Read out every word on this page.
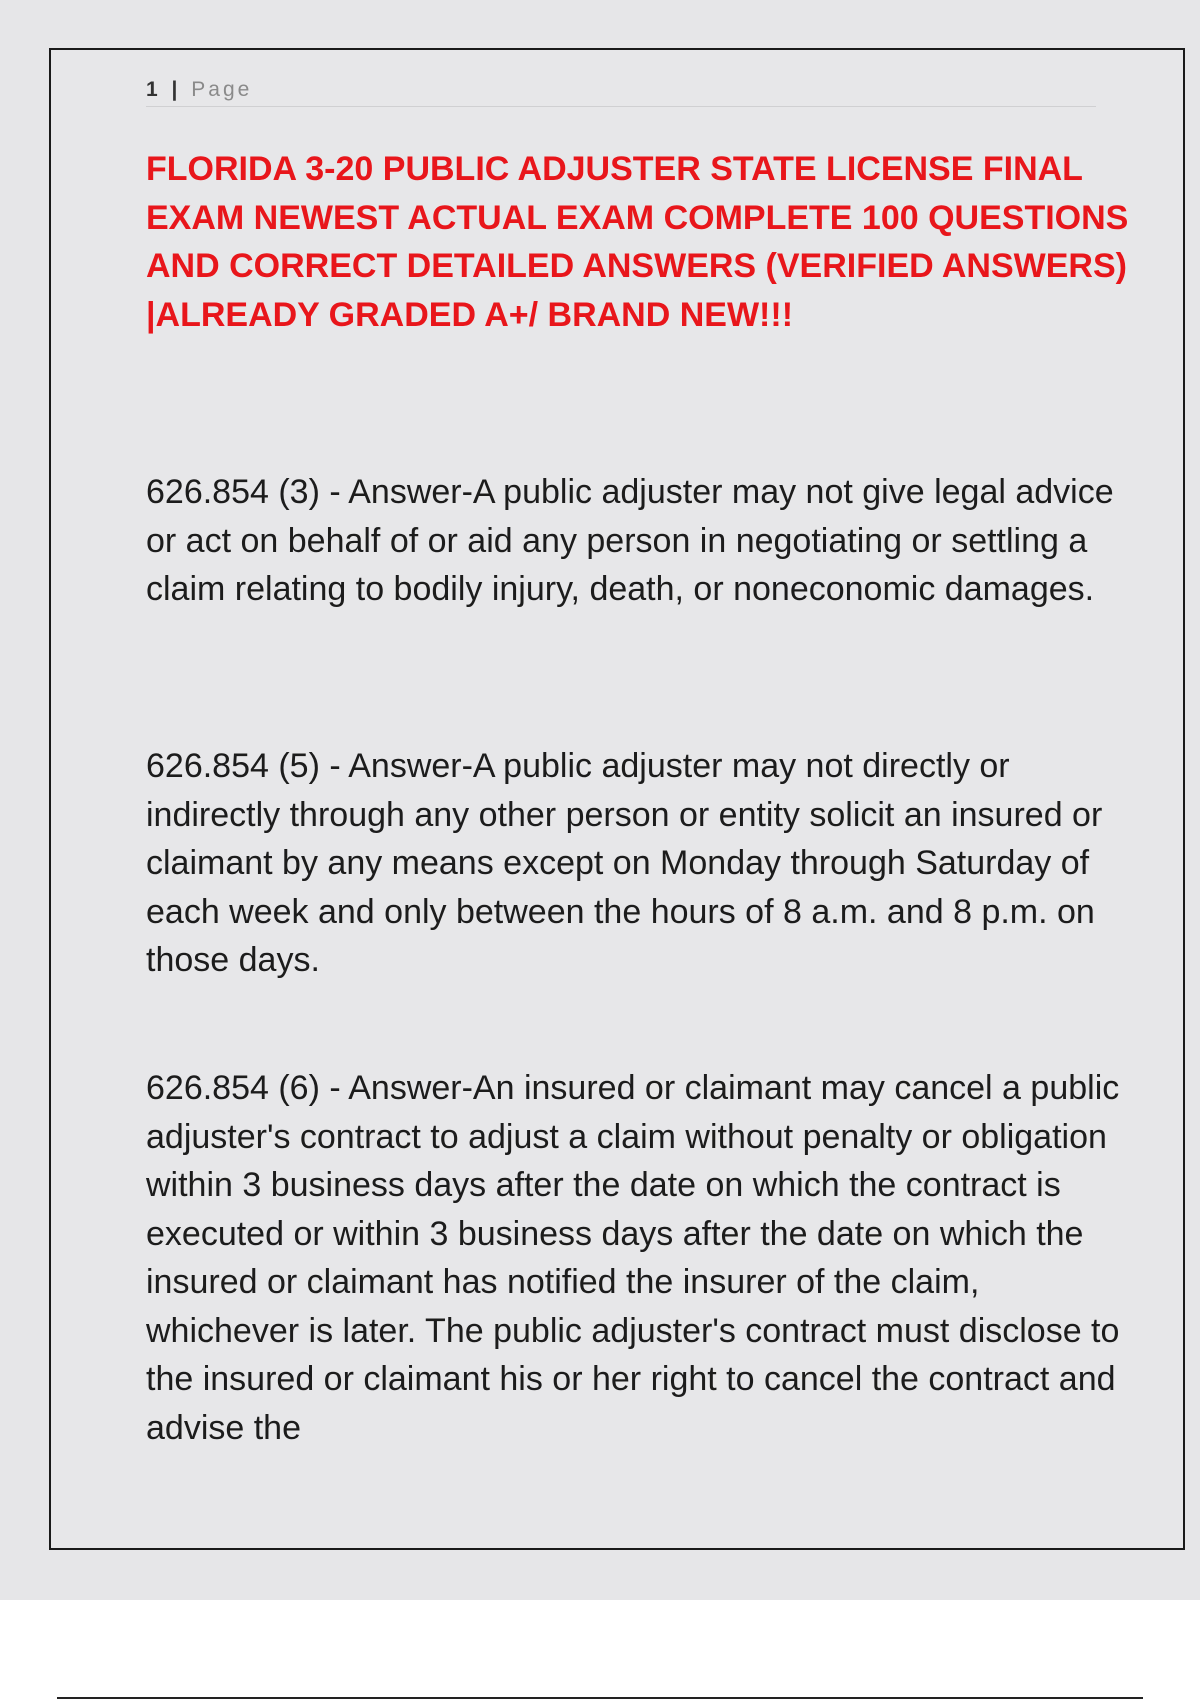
1 | Page
FLORIDA 3-20 PUBLIC ADJUSTER STATE LICENSE FINAL EXAM NEWEST ACTUAL EXAM COMPLETE 100 QUESTIONS AND CORRECT DETAILED ANSWERS (VERIFIED ANSWERS) |ALREADY GRADED A+/ BRAND NEW!!!

626.854 (3) - Answer-A public adjuster may not give legal advice or act on behalf of or aid any person in negotiating or settling a claim relating to bodily injury, death, or noneconomic damages.

626.854 (5) - Answer-A public adjuster may not directly or indirectly through any other person or entity solicit an insured or claimant by any means except on Monday through Saturday of each week and only between the hours of 8 a.m. and 8 p.m. on those days.

626.854 (6) - Answer-An insured or claimant may cancel a public adjuster's contract to adjust a claim without penalty or obligation within 3 business days after the date on which the contract is executed or within 3 business days after the date on which the insured or claimant has notified the insurer of the claim, whichever is later. The public adjuster's contract must disclose to the insured or claimant his or her right to cancel the contract and advise the
